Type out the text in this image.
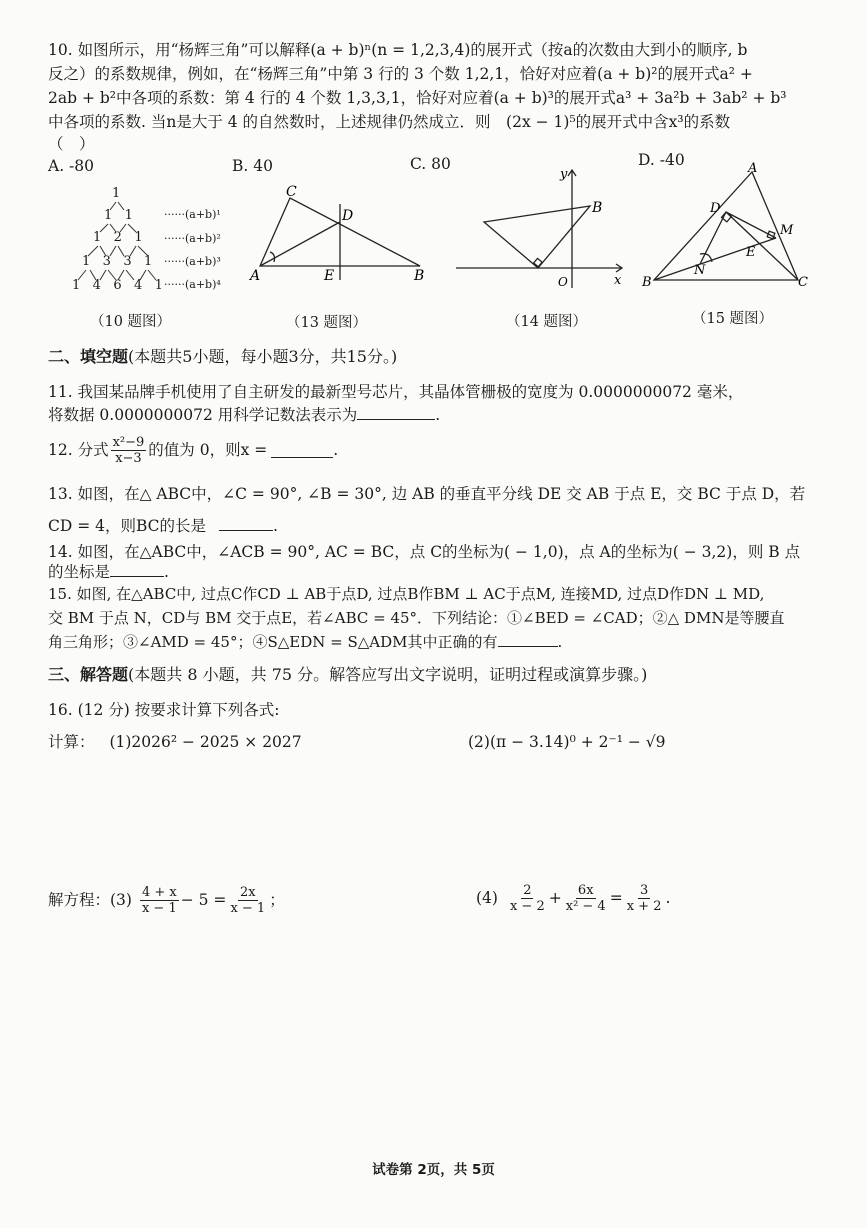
10. 如图所示，用“杨辉三角”可以解释(a + b)ⁿ(n = 1,2,3,4)的展开式（按a的次数由大到小的顺序, b
反之）的系数规律，例如，在“杨辉三角”中第 3 行的 3 个数 1,2,1，恰好对应着(a + b)²的展开式a² +
2ab + b²中各项的系数：第 4 行的 4 个数 1,3,3,1，恰好对应着(a + b)³的展开式a³ + 3a²b + 3ab² + b³
中各项的系数. 当n是大于 4 的自然数时，上述规律仍然成立．则　(2x − 1)⁵的展开式中含x³的系数
（　）
A. -80	B. 40	C. 80	D. -40
1
1   1
1   2   1
1   3   3   1
1   4   6   4   1
······(a+b)¹
······(a+b)²
······(a+b)³
······(a+b)⁴
C
D
A	E	B
y
B
x
O
A
D
M
E
N
B	C
（10 题图）	（13 题图）	（14 题图）	（15 题图）
二、填空题(本题共5小题，每小题3分，共15分。)
11. 我国某品牌手机使用了自主研发的最新型号芯片，其晶体管栅极的宽度为 0.0000000072 毫米，
将数据 0.0000000072 用科学记数法表示为	.
12. 分式 $\frac{\text{x²−9}}{x-3}$ 的值为 0，则x =	.
13. 如图，在△ ABC中，∠C = 90°, ∠B = 30°, 边 AB 的垂直平分线 DE 交 AB 于点 E，交 BC 于点 D，若
CD = 4，则BC的长是	.
14. 如图，在△ABC中，∠ACB = 90°, AC = BC，点 C的坐标为( − 1,0)，点 A的坐标为( − 3,2)，则 B 点
的坐标是	.
15. 如图, 在△ABC中, 过点C作CD ⊥ AB于点D, 过点B作BM ⊥ AC于点M, 连接MD, 过点D作DN ⊥ MD,
交 BM 于点 N，CD与 BM 交于点E，若∠ABC = 45°．下列结论：①∠BED = ∠CAD；②△ DMN是等腰直
角三角形；③∠AMD = 45°；④S△EDN = S△ADM其中正确的有	.
三、解答题(本题共 8 小题，共 75 分。解答应写出文字说明，证明过程或演算步骤。)
16. (12 分) 按要求计算下列各式:
计算： (1)2026² − 2025 × 2027	(2)(π − 3.14)⁰ + 2⁻¹ − √9
解方程：$(3) \frac{4 + x}{x - 1} - 5 = \frac{2x}{x - 1}$ ；	$(4) \frac{2}{x - 2} + \frac{6x}{\text{x² − 4}} = \frac{3}{x + 2}$ .
试卷第 2页，共 5页
